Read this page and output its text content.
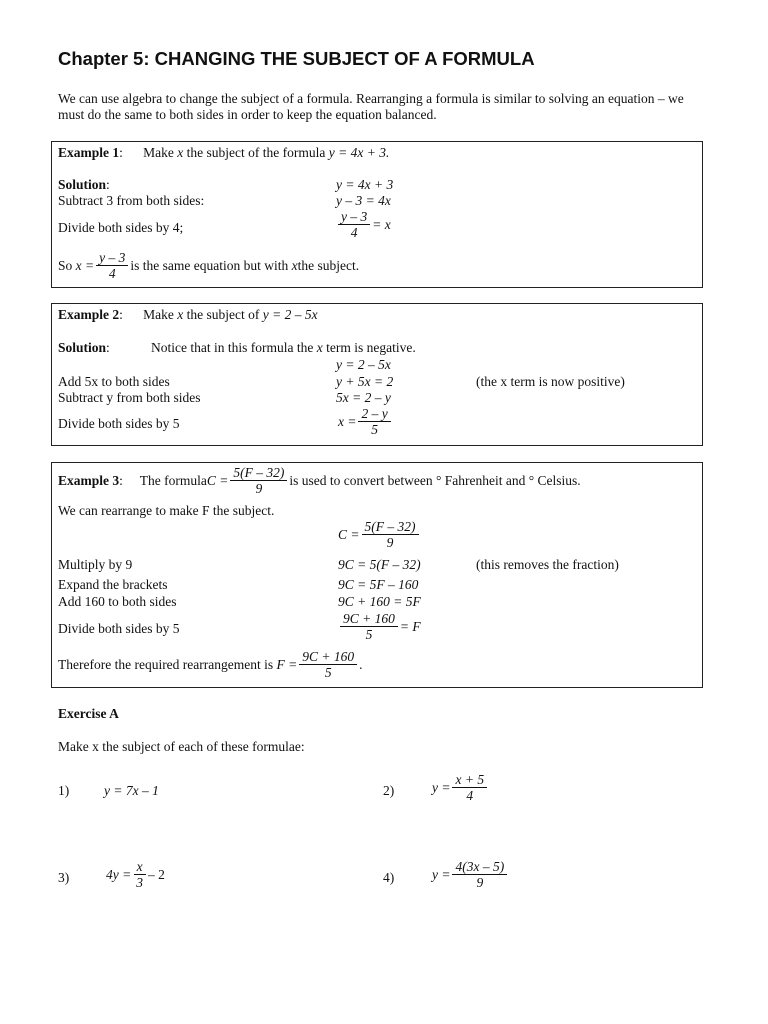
Chapter 5: CHANGING THE SUBJECT OF A FORMULA
We can use algebra to change the subject of a formula. Rearranging a formula is similar to solving an equation – we must do the same to both sides in order to keep the equation balanced.
Example 1:      Make x the subject of the formula y = 4x + 3.
Solution:	y = 4x + 3
Subtract 3 from both sides:	y – 3 = 4x
Divide both sides by 4;	$\frac{y - 3}{4} = x$
So
$x = \frac{y - 3}{4}$ is the same equation but with
x the subject.
Example 2:      Make x the subject of y = 2 – 5x
Solution:	Notice that in this formula the x term is negative.
y = 2 – 5x
Add 5x to both sides	y + 5x = 2	(the x term is now positive)
Subtract y from both sides	5x = 2 – y
Divide both sides by 5	$x = \frac{2 - y}{5}$
Example 3 : The formula $C = \frac{5(F - 32)}{9}$ is used to convert between ° Fahrenheit and ° Celsius.
We can rearrange to make F the subject.
$C = \frac{5(F - 32)}{9}$
Multiply by 9	9C = 5(F – 32)	(this removes the fraction)
Expand the brackets	9C = 5F – 160
Add 160 to both sides	9C + 160 = 5F
Divide both sides by 5	$\frac{9C + 160}{5} = F$
Therefore the required rearrangement is
$F = \frac{9C + 160}{5}$ .
Exercise A
Make x the subject of each of these formulae:
1)	y = 7x – 1	2)	$y = \frac{x + 5}{4}$
3)	$4y = \frac{x}{3} - 2$	4)	$y = \frac{4(3x - 5)}{9}$
